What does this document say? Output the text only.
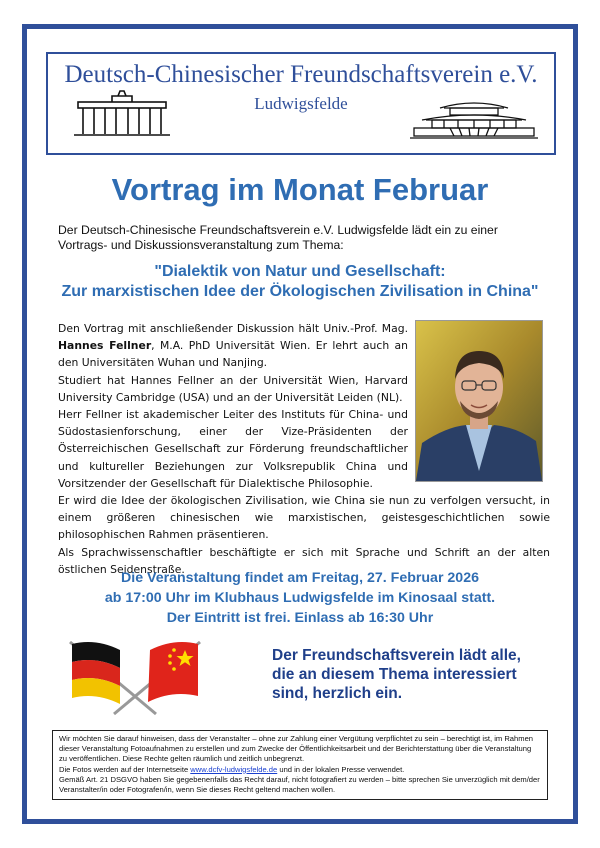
Deutsch-Chinesischer Freundschaftsverein e.V.
Ludwigsfelde
Vortrag im Monat Februar
Der Deutsch-Chinesische Freundschaftsverein e.V. Ludwigsfelde lädt ein zu einer Vortrags- und Diskussionsveranstaltung zum Thema:
"Dialektik von Natur und Gesellschaft:
Zur marxistischen Idee der Ökologischen Zivilisation in China"

Den Vortrag mit anschließender Diskussion hält Univ.-Prof. Mag. Hannes Fellner, M.A. PhD Universität Wien. Er lehrt auch an den Universitäten Wuhan und Nanjing.

Studiert hat Hannes Fellner an der Universität Wien, Harvard University Cambridge (USA) und an der Universität Leiden (NL).

Herr Fellner ist akademischer Leiter des Instituts für China- und Südostasienforschung, einer der Vize-Präsidenten der Österreichischen Gesellschaft zur Förderung freundschaftlicher und kultureller Beziehungen zur Volksrepublik China und Vorsitzender der Gesellschaft für Dialektische Philosophie.

Er wird die Idee der ökologischen Zivilisation, wie China sie nun zu verfolgen versucht, in einem größeren chinesischen wie marxistischen, geistesgeschichtlichen sowie philosophischen Rahmen präsentieren.

Als Sprachwissenschaftler beschäftigte er sich mit Sprache und Schrift an der alten östlichen Seidenstraße.

Die Veranstaltung findet am Freitag, 27. Februar 2026
ab 17:00 Uhr im Klubhaus Ludwigsfelde im Kinosaal statt.
Der Eintritt ist frei. Einlass ab 16:30 Uhr
Der Freundschaftsverein lädt alle, die an diesem Thema interessiert sind, herzlich ein.

Wir möchten Sie darauf hinweisen, dass der Veranstalter – ohne zur Zahlung einer Vergütung verpflichtet zu sein – berechtigt ist, im Rahmen dieser Veranstaltung Fotoaufnahmen zu erstellen und zum Zwecke der Öffentlichkeitsarbeit und der Berichterstattung über die Veranstaltung zu veröffentlichen. Diese Rechte gelten räumlich und zeitlich unbegrenzt.

Die Fotos werden auf der Internetseite www.dcfv-ludwigsfelde.de und in der lokalen Presse verwendet.

Gemäß Art. 21 DSGVO haben Sie gegebenenfalls das Recht darauf, nicht fotografiert zu werden – bitte sprechen Sie unverzüglich mit dem/der Veranstalter/in oder Fotografen/in, wenn Sie dieses Recht geltend machen wollen.
